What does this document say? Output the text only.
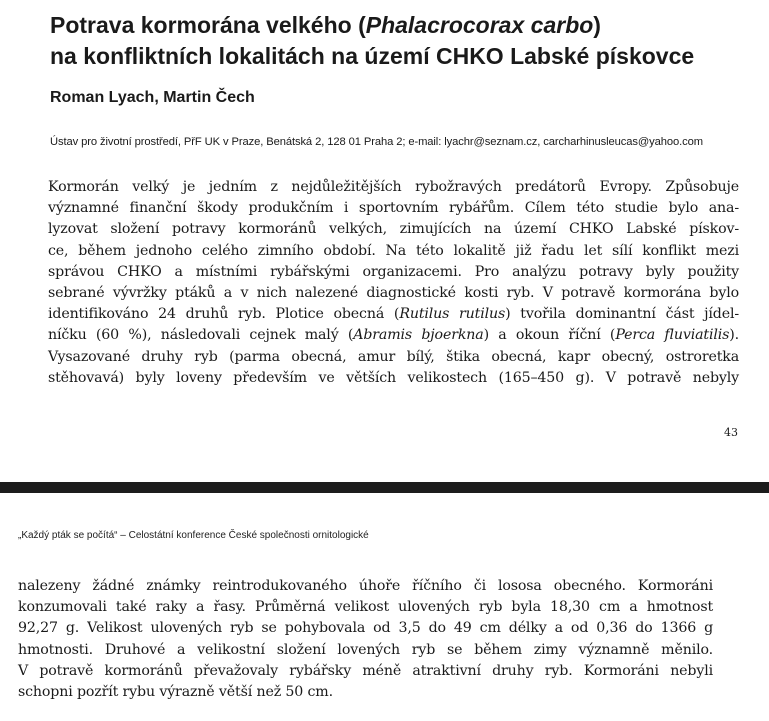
Potrava kormorána velkého (Phalacrocorax carbo)
na konfliktních lokalitách na území CHKO Labské pískovce
Roman Lyach, Martin Čech
Ústav pro životní prostředí, PřF UK v Praze, Benátská 2, 128 01 Praha 2; e-mail: lyachr@seznam.cz, carcharhinusleucas@yahoo.com
Kormorán velký je jedním z nejdůležitějších rybožravých predátorů Evropy. Způsobuje
významné finanční škody produkčním i sportovním rybářům. Cílem této studie bylo ana-
lyzovat složení potravy kormoránů velkých, zimujících na území CHKO Labské pískov-
ce, během jednoho celého zimního období. Na této lokalitě již řadu let sílí konflikt mezi
správou CHKO a místními rybářskými organizacemi. Pro analýzu potravy byly použity
sebrané vývržky ptáků a v nich nalezené diagnostické kosti ryb. V potravě kormorána bylo
identifikováno 24 druhů ryb. Plotice obecná (Rutilus rutilus) tvořila dominantní část jídel-
níčku (60 %), následovali cejnek malý (Abramis bjoerkna) a okoun říční (Perca fluviatilis).
Vysazované druhy ryb (parma obecná, amur bílý, štika obecná, kapr obecný, ostroretka
stěhovavá) byly loveny především ve větších velikostech (165–450 g). V potravě nebyly
43
„Každý pták se počítá“ – Celostátní konference České společnosti ornitologické
nalezeny žádné známky reintrodukovaného úhoře říčního či lososa obecného. Kormoráni
konzumovali také raky a řasy. Průměrná velikost ulovených ryb byla 18,30 cm a hmotnost
92,27 g. Velikost ulovených ryb se pohybovala od 3,5 do 49 cm délky a od 0,36 do 1366 g
hmotnosti. Druhové a velikostní složení lovených ryb se během zimy významně měnilo.
V potravě kormoránů převažovaly rybářsky méně atraktivní druhy ryb. Kormoráni nebyli
schopni pozřít rybu výrazně větší než 50 cm.
